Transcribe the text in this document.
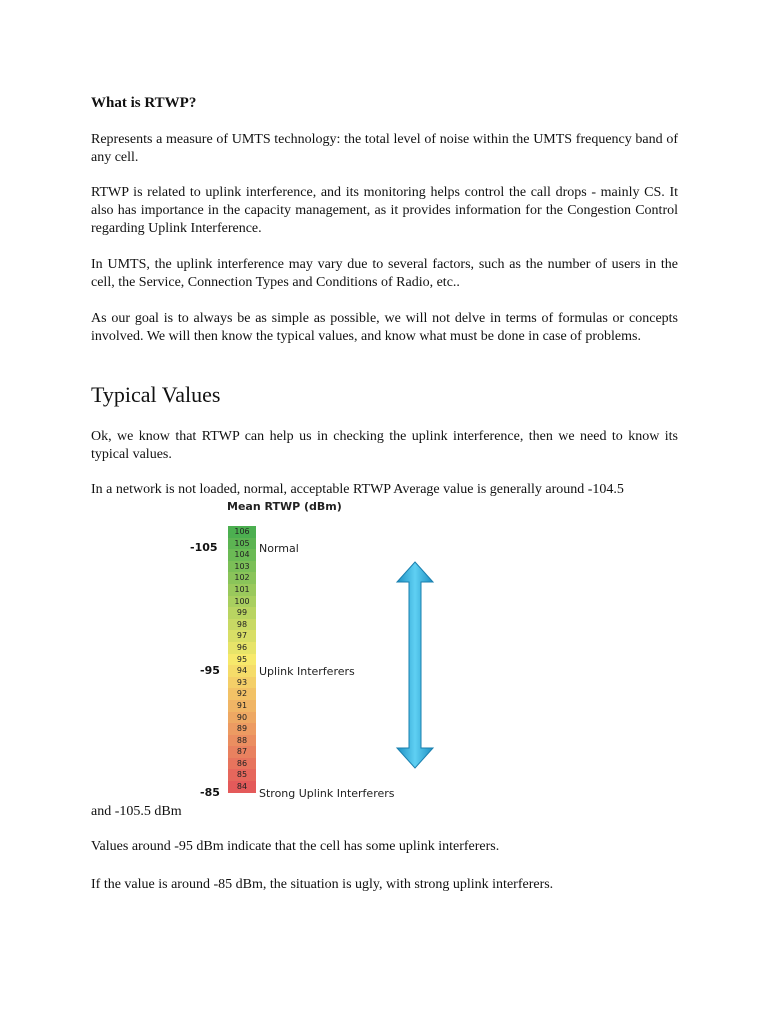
What is RTWP?

Represents a measure of UMTS technology: the total level of noise within the UMTS frequency band of any cell.

RTWP is related to uplink interference, and its monitoring helps control the call drops - mainly CS. It also has importance in the capacity management, as it provides information for the Congestion Control regarding Uplink Interference.

In UMTS, the uplink interference may vary due to several factors, such as the number of users in the cell, the Service, Connection Types and Conditions of Radio, etc..

As our goal is to always be as simple as possible, we will not delve in terms of formulas or concepts involved. We will then know the typical values, and know what must be done in case of problems.

Typical Values

Ok, we know that RTWP can help us in checking the uplink interference, then we need to know its typical values.

In a network is not loaded, normal, acceptable RTWP Average value is generally around -104.5

Mean RTWP (dBm)
106
105
104
103
102
101
100
99
98
97
96
95
94
93
92
91
90
89
88
87
86
85
84
-105	Normal
-95	Uplink Interferers
-85	Strong Uplink Interferers

and -105.5 dBm

Values around -95 dBm indicate that the cell has some uplink interferers.

If the value is around -85 dBm, the situation is ugly, with strong uplink interferers.
